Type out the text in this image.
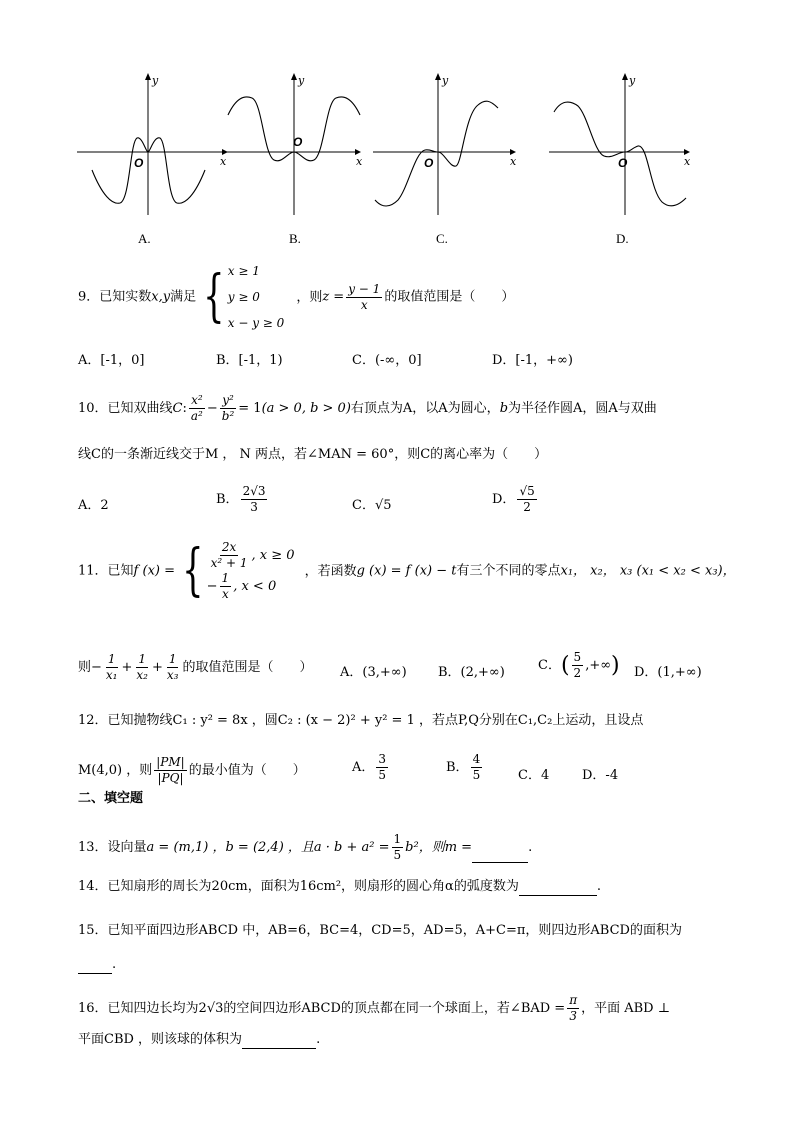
y
x
O
y
x
O
y
x
O
y
x
O
A.	B.	C.	D.
9．已知实数x,y满足 { x ≥ 1
y ≥ 0
x − y ≥ 0
，则$z = \frac{y - 1}{x}$ 的取值范围是（　　）
A．[-1，0]	B．[-1，1)	C．(-∞，0]	D．[-1，+∞)
10．已知双曲线C: $\frac{\text{x²}}{\text{a²}} - \frac{\text{y²}}{\text{b²}} = 1(a > 0$, b > 0)右顶点为A，以A为圆心，b为半径作圆A，圆A与双曲
线C的一条渐近线交于M ， N 两点，若∠MAN = 60°，则C的离心率为（　　）
A．2	B． $\frac{2√3}{3}$	C．√5	D． $\frac{√5}{2}$
11．已知f (x) = { $\frac{2x}{\text{x² + 1}}$ , x ≥ 0
− $\frac{1}{x}$ , x < 0
，若函数g (x) = f (x) − t有三个不同的零点x₁， x₂， x₃ (x₁ < x₂ < x₃)，
则− $\frac{1}{\text{x₁}} + \frac{1}{\text{x₂}} + \frac{1}{\text{x₃}}$ 的取值范围是（　　） A．(3,+∞) B．(2,+∞)	C．( $\frac{5}{2}$ ,+∞) D．(1,+∞)
12．已知抛物线C₁ : y² = 8x ，圆C₂ : (x − 2)² + y² = 1 ，若点P,Q分别在C₁,C₂上运动，且设点
M(4,0) ，则 $\frac{|PM|}{|PQ|}$ 的最小值为（　　）	A． $\frac{3}{5}$	B． $\frac{4}{5}$	C．4	D．-4
二、填空题
13．设向量a = (m,1) ，b = (2,4) ，且$a \cdot b + a^2 = \frac{1}{5} b^2$，则m =	.
14．已知扇形的周长为20cm，面积为16cm²，则扇形的圆心角α的弧度数为	.
15．已知平面四边形ABCD 中，AB=6，BC=4，CD=5，AD=5，A+C=π，则四边形ABCD的面积为
.
16．已知四边长均为2√3的空间四边形ABCD的顶点都在同一个球面上，若∠BAD = $\frac{\pi}{3}$ ，平面 ABD ⊥
平面CBD ，则该球的体积为	.
